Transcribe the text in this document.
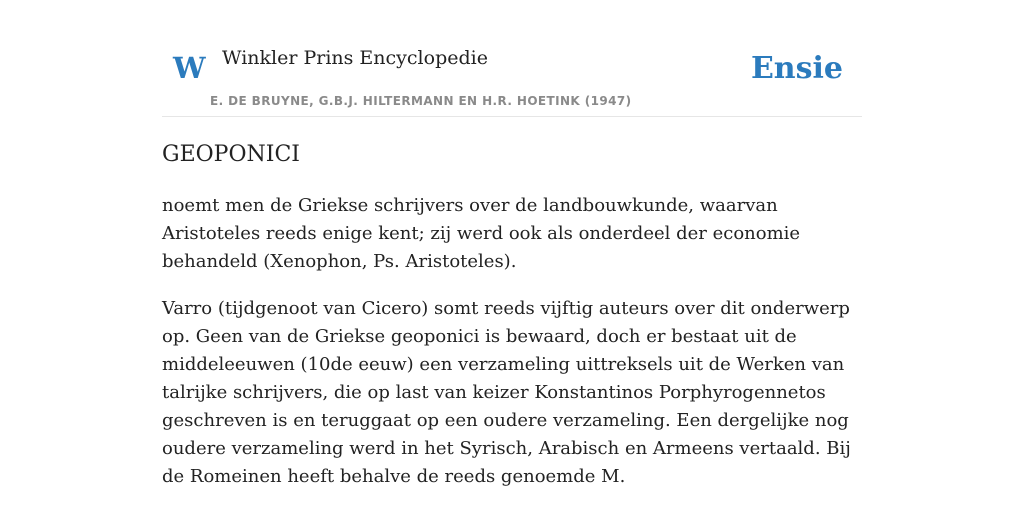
W Winkler Prins Encyclopedie
E. DE BRUYNE, G.B.J. HILTERMANN EN H.R. HOETINK (1947)
Ensie
GEOPONICI

noemt men de Griekse schrijvers over de landbouwkunde, waarvan Aristoteles reeds enige kent; zij werd ook als onderdeel der economie behandeld (Xenophon, Ps. Aristoteles).

Varro (tijdgenoot van Cicero) somt reeds vijftig auteurs over dit onderwerp op. Geen van de Griekse geoponici is bewaard, doch er bestaat uit de middeleeuwen (10de eeuw) een verzameling uittreksels uit de Werken van talrijke schrijvers, die op last van keizer Konstantinos Porphyrogennetos geschreven is en teruggaat op een oudere verzameling. Een dergelijke nog oudere verzameling werd in het Syrisch, Arabisch en Armeens vertaald. Bij de Romeinen heeft behalve de reeds genoemde M.
